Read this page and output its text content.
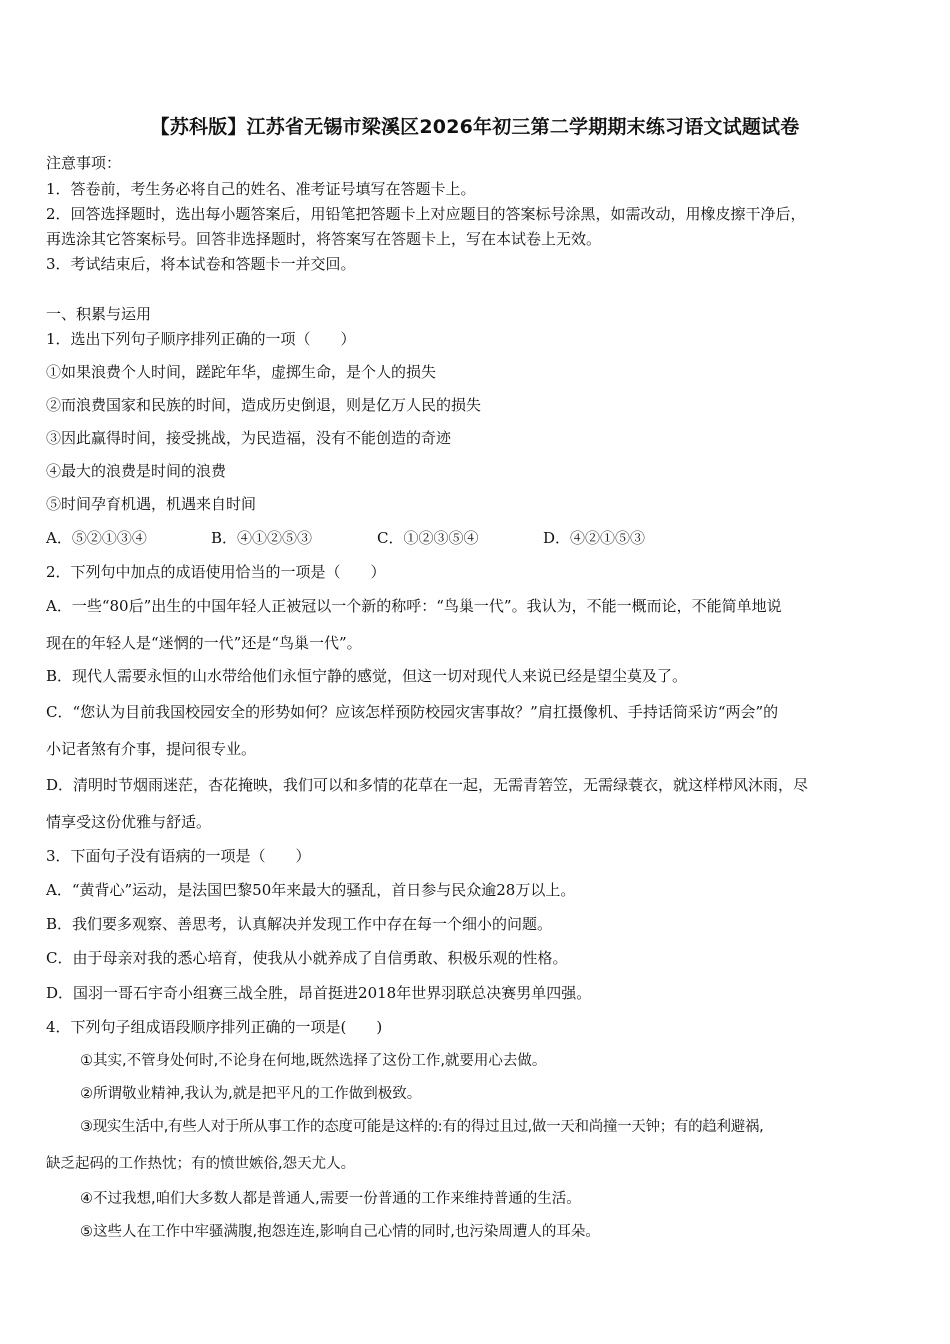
【苏科版】江苏省无锡市梁溪区2026年初三第二学期期末练习语文试题试卷
注意事项：
1．答卷前，考生务必将自己的姓名、准考证号填写在答题卡上。
2．回答选择题时，选出每小题答案后，用铅笔把答题卡上对应题目的答案标号涂黑，如需改动，用橡皮擦干净后，
再选涂其它答案标号。回答非选择题时，将答案写在答题卡上，写在本试卷上无效。
3．考试结束后，将本试卷和答题卡一并交回。
一、积累与运用
1．选出下列句子顺序排列正确的一项（　　）
①如果浪费个人时间，蹉跎年华，虚掷生命，是个人的损失
②而浪费国家和民族的时间，造成历史倒退，则是亿万人民的损失
③因此赢得时间，接受挑战，为民造福，没有不能创造的奇迹
④最大的浪费是时间的浪费
⑤时间孕育机遇，机遇来自时间
A．⑤②①③④	B．④①②⑤③	C．①②③⑤④	D．④②①⑤③
2．下列句中加点的成语使用恰当的一项是（　　）
A．一些“80后”出生的中国年轻人正被冠以一个新的称呼：“鸟巢一代”。我认为，不能一概而论，不能简单地说
现在的年轻人是“迷惘的一代”还是“鸟巢一代”。
B．现代人需要永恒的山水带给他们永恒宁静的感觉，但这一切对现代人来说已经是望尘莫及了。
C．“您认为目前我国校园安全的形势如何？应该怎样预防校园灾害事故？”肩扛摄像机、手持话筒采访“两会”的
小记者煞有介事，提问很专业。
D．清明时节烟雨迷茫，杏花掩映，我们可以和多情的花草在一起，无需青箬笠，无需绿蓑衣，就这样栉风沐雨，尽
情享受这份优雅与舒适。
3．下面句子没有语病的一项是（　　）
A．“黄背心”运动，是法国巴黎50年来最大的骚乱，首日参与民众逾28万以上。
B．我们要多观察、善思考，认真解决并发现工作中存在每一个细小的问题。
C．由于母亲对我的悉心培育，使我从小就养成了自信勇敢、积极乐观的性格。
D．国羽一哥石宇奇小组赛三战全胜，昂首挺进2018年世界羽联总决赛男单四强。
4．下列句子组成语段顺序排列正确的一项是(　　)
①其实,不管身处何时,不论身在何地,既然选择了这份工作,就要用心去做。
②所谓敬业精神,我认为,就是把平凡的工作做到极致。
③现实生活中,有些人对于所从事工作的态度可能是这样的:有的得过且过,做一天和尚撞一天钟；有的趋利避祸,
缺乏起码的工作热忱；有的愤世嫉俗,怨天尤人。
④不过我想,咱们大多数人都是普通人,需要一份普通的工作来维持普通的生活。
⑤这些人在工作中牢骚满腹,抱怨连连,影响自己心情的同时,也污染周遭人的耳朵。
